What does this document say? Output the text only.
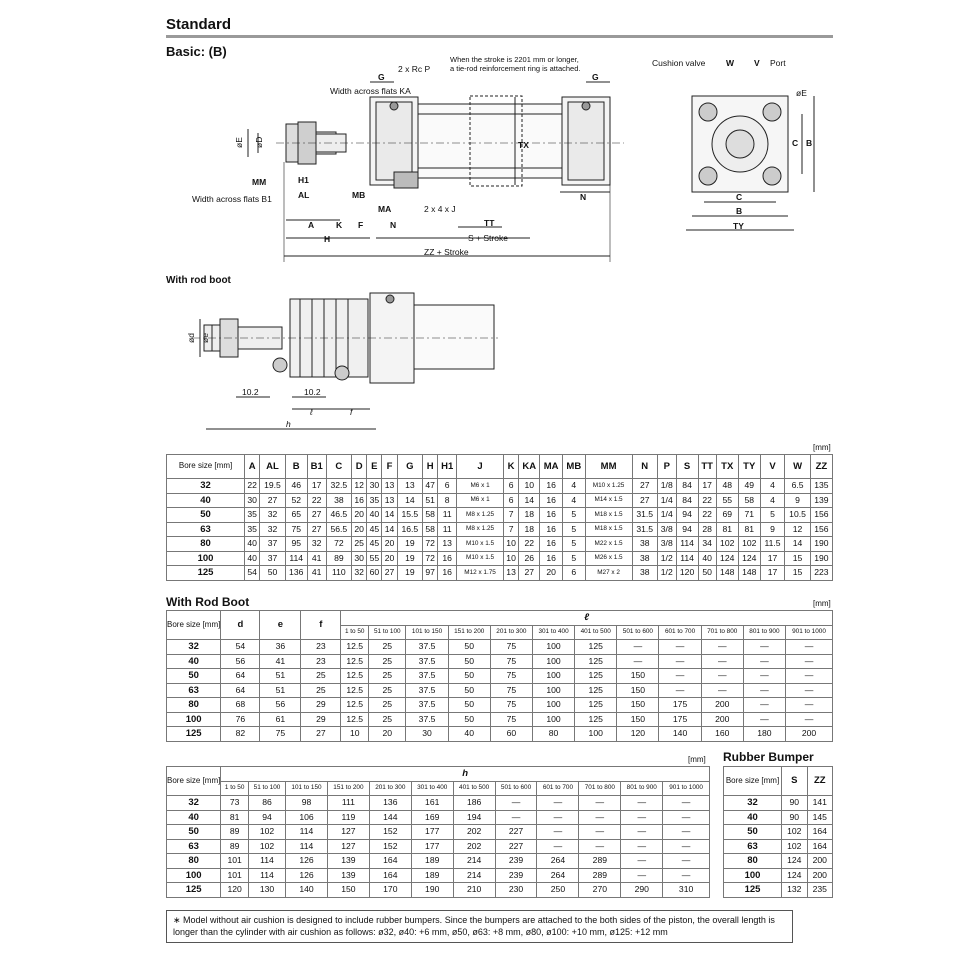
Standard
Basic: (B)
Width across flats KA
Width across flats B1
2 x Rc P
When the stroke is 2201 mm or longer,
a tie-rod reinforcement ring is attached.
2 x 4 x J
G	G
TX
MM	H1
AL	MB
MA
A	K F	N
N
TT
H	S + Stroke
ZZ + Stroke
øE øD
Cushion valve	Port
W V
C
B
TY
C B
øE
With rod boot
10.2	10.2
ℓ	f
h
ød øe
[mm]
Bore size [mm]	A	AL	B	B1	C	D	E	F	G	H	H1	J	K	KA	MA	MB	MM	N	P	S	TT	TX	TY	V	W	ZZ
32	22	19.5	46	17	32.5	12	30	13	13	47	6	M6 x 1	6	10	16	4	M10 x 1.25	27	1/8	84	17	48	49	4	6.5	135
40	30	27	52	22	38	16	35	13	14	51	8	M6 x 1	6	14	16	4	M14 x 1.5	27	1/4	84	22	55	58	4	9	139
50	35	32	65	27	46.5	20	40	14	15.5	58	11	M8 x 1.25	7	18	16	5	M18 x 1.5	31.5	1/4	94	22	69	71	5	10.5	156
63	35	32	75	27	56.5	20	45	14	16.5	58	11	M8 x 1.25	7	18	16	5	M18 x 1.5	31.5	3/8	94	28	81	81	9	12	156
80	40	37	95	32	72	25	45	20	19	72	13	M10 x 1.5	10	22	16	5	M22 x 1.5	38	3/8	114	34	102	102	11.5	14	190
100	40	37	114	41	89	30	55	20	19	72	16	M10 x 1.5	10	26	16	5	M26 x 1.5	38	1/2	114	40	124	124	17	15	190
125	54	50	136	41	110	32	60	27	19	97	16	M12 x 1.75	13	27	20	6	M27 x 2	38	1/2	120	50	148	148	17	15	223
With Rod Boot	[mm]
Bore size [mm]	d	e	f	ℓ											
				1 to 50	51 to 100	101 to 150	151 to 200	201 to 300	301 to 400	401 to 500	501 to 600	601 to 700	701 to 800	801 to 900	901 to 1000
32	54	36	23	12.5	25	37.5	50	75	100	125	—	—	—	—	—
40	56	41	23	12.5	25	37.5	50	75	100	125	—	—	—	—	—
50	64	51	25	12.5	25	37.5	50	75	100	125	150	—	—	—	—
63	64	51	25	12.5	25	37.5	50	75	100	125	150	—	—	—	—
80	68	56	29	12.5	25	37.5	50	75	100	125	150	175	200	—	—
100	76	61	29	12.5	25	37.5	50	75	100	125	150	175	200	—	—
125	82	75	27	10	20	30	40	60	80	100	120	140	160	180	200
[mm]
Bore size [mm]	h											
	1 to 50	51 to 100	101 to 150	151 to 200	201 to 300	301 to 400	401 to 500	501 to 600	601 to 700	701 to 800	801 to 900	901 to 1000
32	73	86	98	111	136	161	186	—	—	—	—	—
40	81	94	106	119	144	169	194	—	—	—	—	—
50	89	102	114	127	152	177	202	227	—	—	—	—
63	89	102	114	127	152	177	202	227	—	—	—	—
80	101	114	126	139	164	189	214	239	264	289	—	—
100	101	114	126	139	164	189	214	239	264	289	—	—
125	120	130	140	150	170	190	210	230	250	270	290	310
Rubber Bumper
Bore size [mm]	S	ZZ
32	90	141
40	90	145
50	102	164
63	102	164
80	124	200
100	124	200
125	132	235
∗ Model without air cushion is designed to include rubber bumpers. Since the bumpers are attached to the both sides of the piston, the overall length is longer than the cylinder with air cushion as follows: ø32, ø40: +6 mm, ø50, ø63: +8 mm, ø80, ø100: +10 mm, ø125: +12 mm
